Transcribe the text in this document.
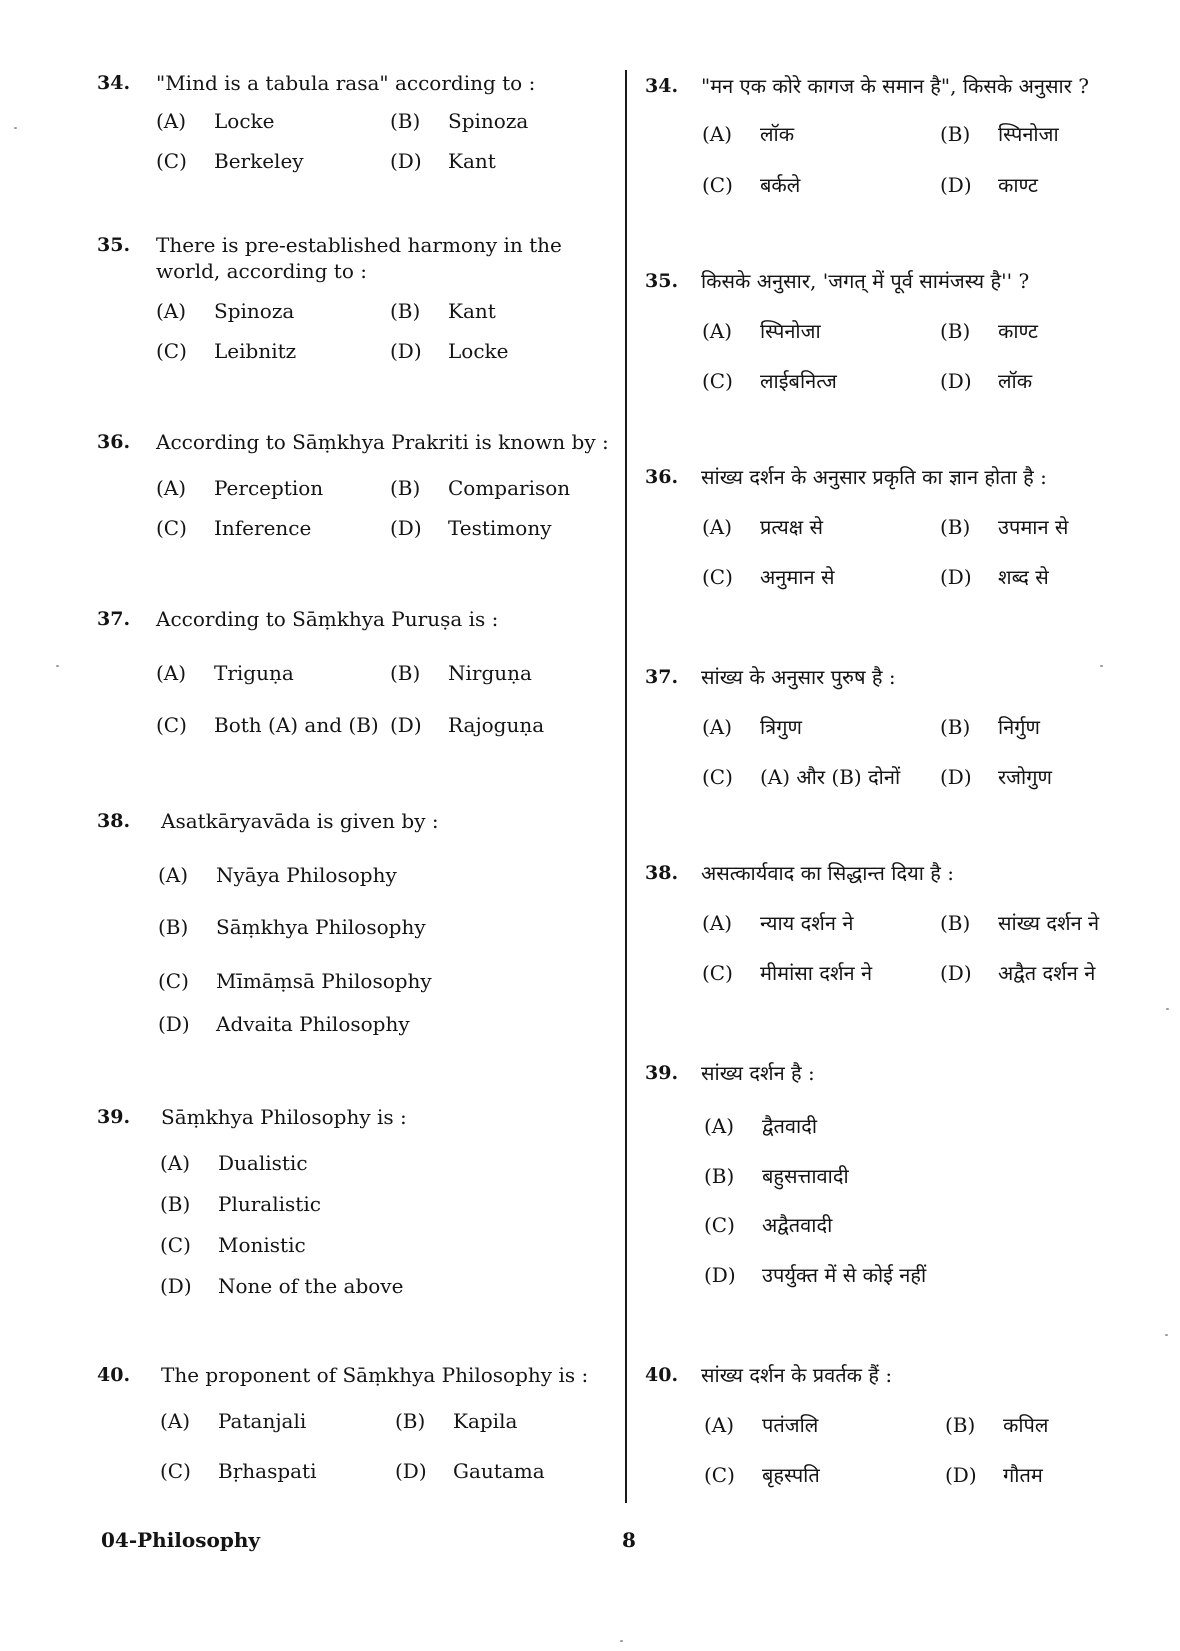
34.	"Mind is a tabula rasa" according to :
(A) Locke	(B) Spinoza
(C) Berkeley	(D) Kant
35.	There is pre-established harmony in the world, according to :
(A) Spinoza	(B) Kant
(C) Leibnitz	(D) Locke
36.	According to Sāṃkhya Prakriti is known by :
(A) Perception	(B) Comparison
(C) Inference	(D) Testimony
37.	According to Sāṃkhya Puruṣa is :
(A) Triguṇa	(B) Nirguṇa
(C) Both (A) and (B) (D) Rajoguṇa
38.	Asatkāryavāda is given by :
(A) Nyāya Philosophy
(B) Sāṃkhya Philosophy
(C) Mīmāṃsā Philosophy
(D) Advaita Philosophy
39.	Sāṃkhya Philosophy is :
(A) Dualistic
(B) Pluralistic
(C) Monistic
(D) None of the above
40.	The proponent of Sāṃkhya Philosophy is :
(A) Patanjali	(B) Kapila
(C) Bṛhaspati	(D) Gautama
34.	"मन एक कोरे कागज के समान है", किसके अनुसार ?
(A) लॉक	(B) स्पिनोजा
(C) बर्कले	(D) काण्ट
35.	किसके अनुसार, 'जगत् में पूर्व सामंजस्य है'' ?
(A) स्पिनोजा	(B) काण्ट
(C) लाईबनित्ज	(D) लॉक
36.	सांख्य दर्शन के अनुसार प्रकृति का ज्ञान होता है :
(A) प्रत्यक्ष से	(B) उपमान से
(C) अनुमान से	(D) शब्द से
37.	सांख्य के अनुसार पुरुष है :
(A) त्रिगुण	(B) निर्गुण
(C) (A) और (B) दोनों (D) रजोगुण
38.	असत्कार्यवाद का सिद्धान्त दिया है :
(A) न्याय दर्शन ने	(B) सांख्य दर्शन ने
(C) मीमांसा दर्शन ने	(D) अद्वैत दर्शन ने
39.	सांख्य दर्शन है :
(A) द्वैतवादी
(B) बहुसत्तावादी
(C) अद्वैतवादी
(D) उपर्युक्त में से कोई नहीं
40.	सांख्य दर्शन के प्रवर्तक हैं :
(A) पतंजलि	(B) कपिल
(C) बृहस्पति	(D) गौतम
04-Philosophy	8
